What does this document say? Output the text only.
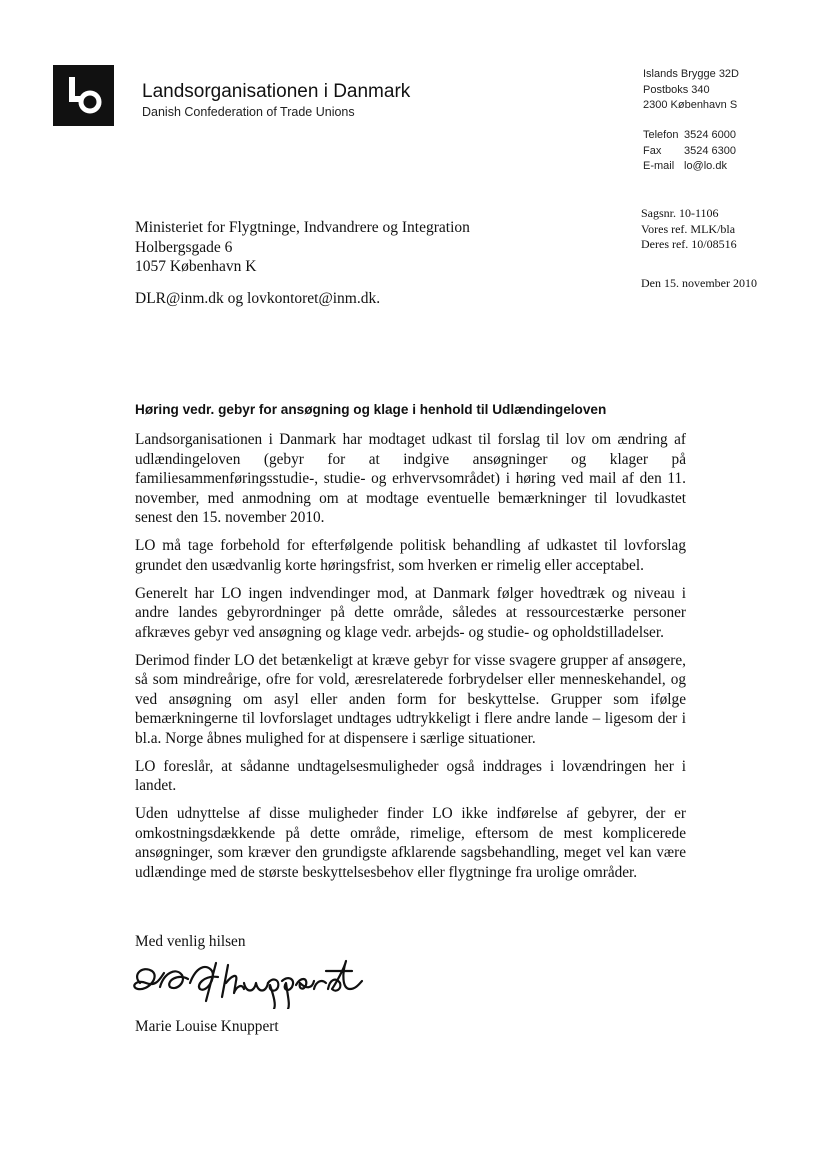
Landsorganisationen i Danmark
Danish Confederation of Trade Unions
Islands Brygge 32D
Postboks 340
2300 København S
Telefon 3524 6000
Fax 3524 6300
E-mail lo@lo.dk
Ministeriet for Flygtninge, Indvandrere og Integration
Holbergsgade 6
1057 København K
DLR@inm.dk og lovkontoret@inm.dk.
Sagsnr. 10-1106
Vores ref. MLK/bla
Deres ref. 10/08516
Den 15. november 2010
Høring vedr. gebyr for ansøgning og klage i henhold til Udlændingeloven

Landsorganisationen i Danmark har modtaget udkast til forslag til lov om ændring af udlændingeloven (gebyr for at indgive ansøgninger og klager på familiesammenføringsstudie-, studie- og erhvervsområdet) i høring ved mail af den 11. november, med anmodning om at modtage eventuelle bemærkninger til lovudkastet senest den 15. november 2010.

LO må tage forbehold for efterfølgende politisk behandling af udkastet til lovforslag grundet den usædvanlig korte høringsfrist, som hverken er rimelig eller acceptabel.

Generelt har LO ingen indvendinger mod, at Danmark følger hovedtræk og niveau i andre landes gebyrordninger på dette område, således at ressourcestærke personer afkræves gebyr ved ansøgning og klage vedr. arbejds- og studie- og opholdstilladelser.

Derimod finder LO det betænkeligt at kræve gebyr for visse svagere grupper af ansøgere, så som mindreårige, ofre for vold, æresrelaterede forbrydelser eller menneskehandel, og ved ansøgning om asyl eller anden form for beskyttelse. Grupper som ifølge bemærkningerne til lovforslaget undtages udtrykkeligt i flere andre lande – ligesom der i bl.a. Norge åbnes mulighed for at dispensere i særlige situationer.

LO foreslår, at sådanne undtagelsesmuligheder også inddrages i lovændringen her i landet.

Uden udnyttelse af disse muligheder finder LO ikke indførelse af gebyrer, der er omkostningsdækkende på dette område, rimelige, eftersom de mest komplicerede ansøgninger, som kræver den grundigste afklarende sagsbehandling, meget vel kan være udlændinge med de største beskyttelsesbehov eller flygtninge fra urolige områder.

Med venlig hilsen
Marie Louise Knuppert
